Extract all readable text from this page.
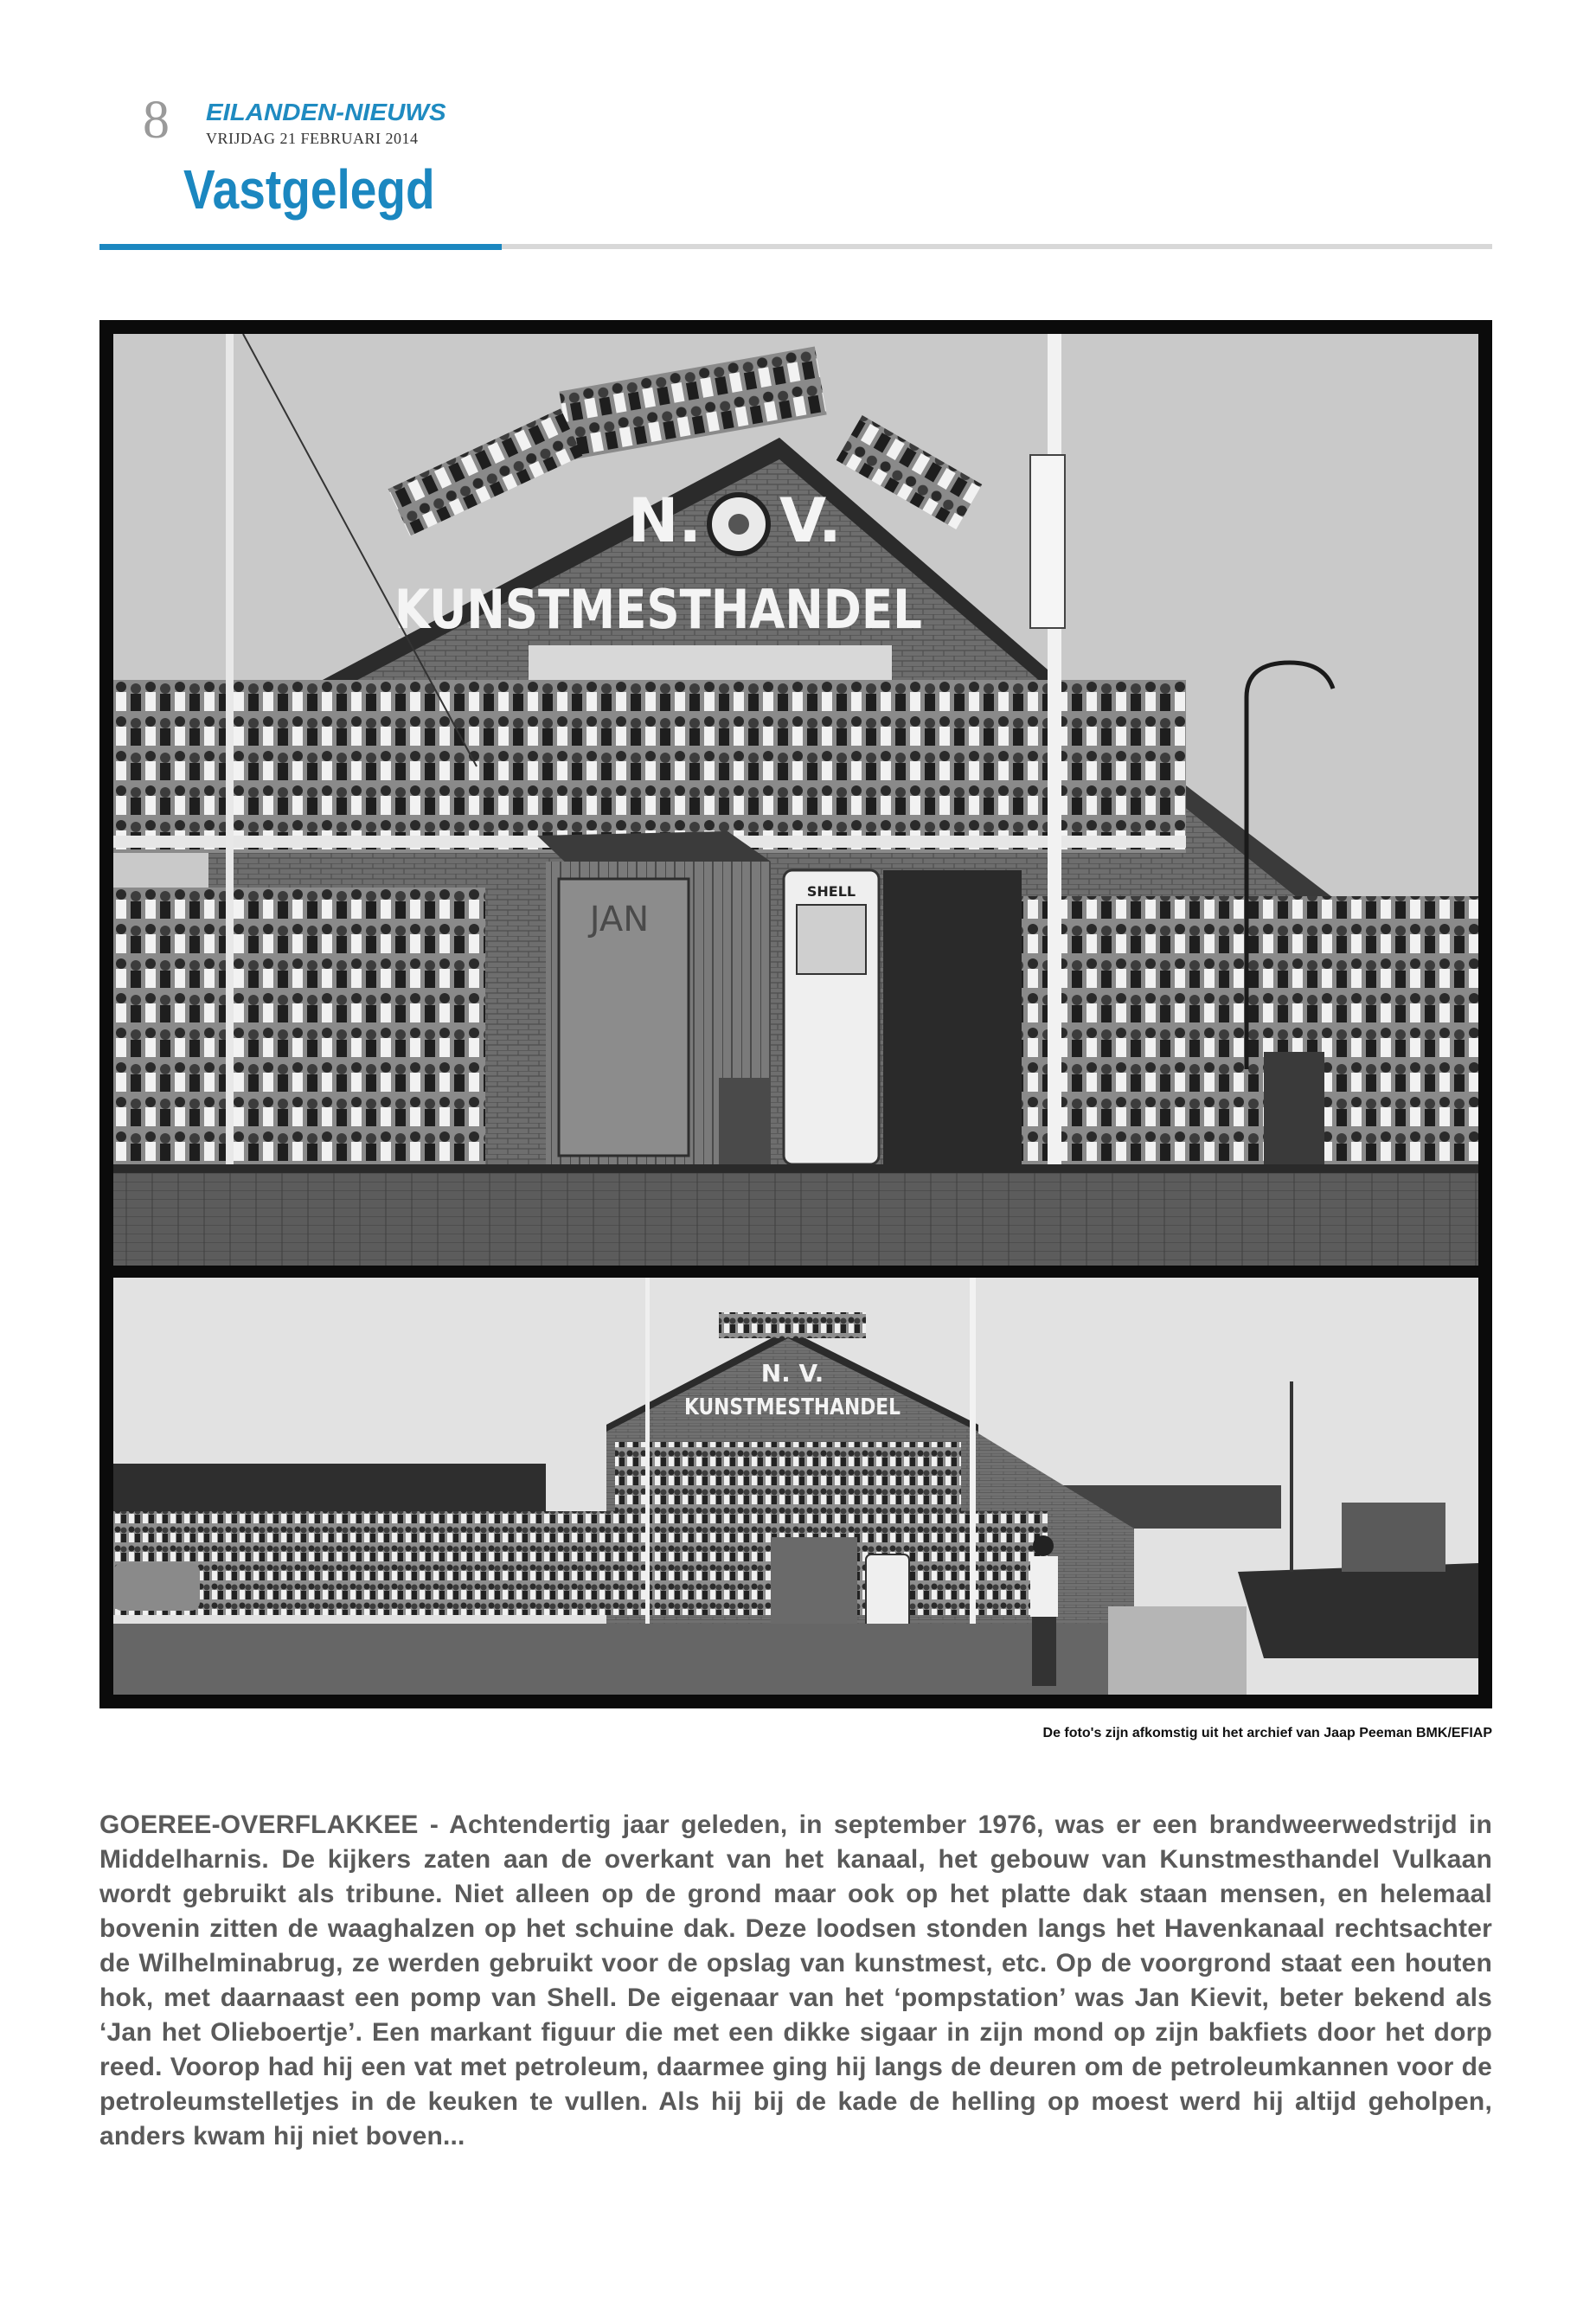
8 EILANDEN-NIEUWS
VRIJDAG 21 FEBRUARI 2014
Vastgelegd
N. V.
KUNSTMESTHANDEL
JAN
SHELL
N. V.
KUNSTMESTHANDEL
De foto's zijn afkomstig uit het archief van Jaap Peeman BMK/EFIAP
GOEREE-OVERFLAKKEE - Achtendertig jaar geleden, in september 1976, was er een brandweerwedstrijd in Middelharnis. De kijkers zaten aan de overkant van het kanaal, het gebouw van Kunstmesthandel Vulkaan wordt gebruikt als tribune. Niet alleen op de grond maar ook op het platte dak staan mensen, en helemaal bovenin zitten de waaghalzen op het schuine dak. Deze loodsen stonden langs het Havenkanaal rechtsachter de Wilhelminabrug, ze werden gebruikt voor de opslag van kunstmest, etc. Op de voorgrond staat een houten hok, met daarnaast een pomp van Shell. De eigenaar van het ‘pompstation’ was Jan Kievit, beter bekend als ‘Jan het Olieboertje’. Een markant figuur die met een dikke sigaar in zijn mond op zijn bakfiets door het dorp reed. Voorop had hij een vat met petroleum, daarmee ging hij langs de deuren om de petroleumkannen voor de petroleumstelletjes in de keuken te vullen. Als hij bij de kade de helling op moest werd hij altijd geholpen, anders kwam hij niet boven...
